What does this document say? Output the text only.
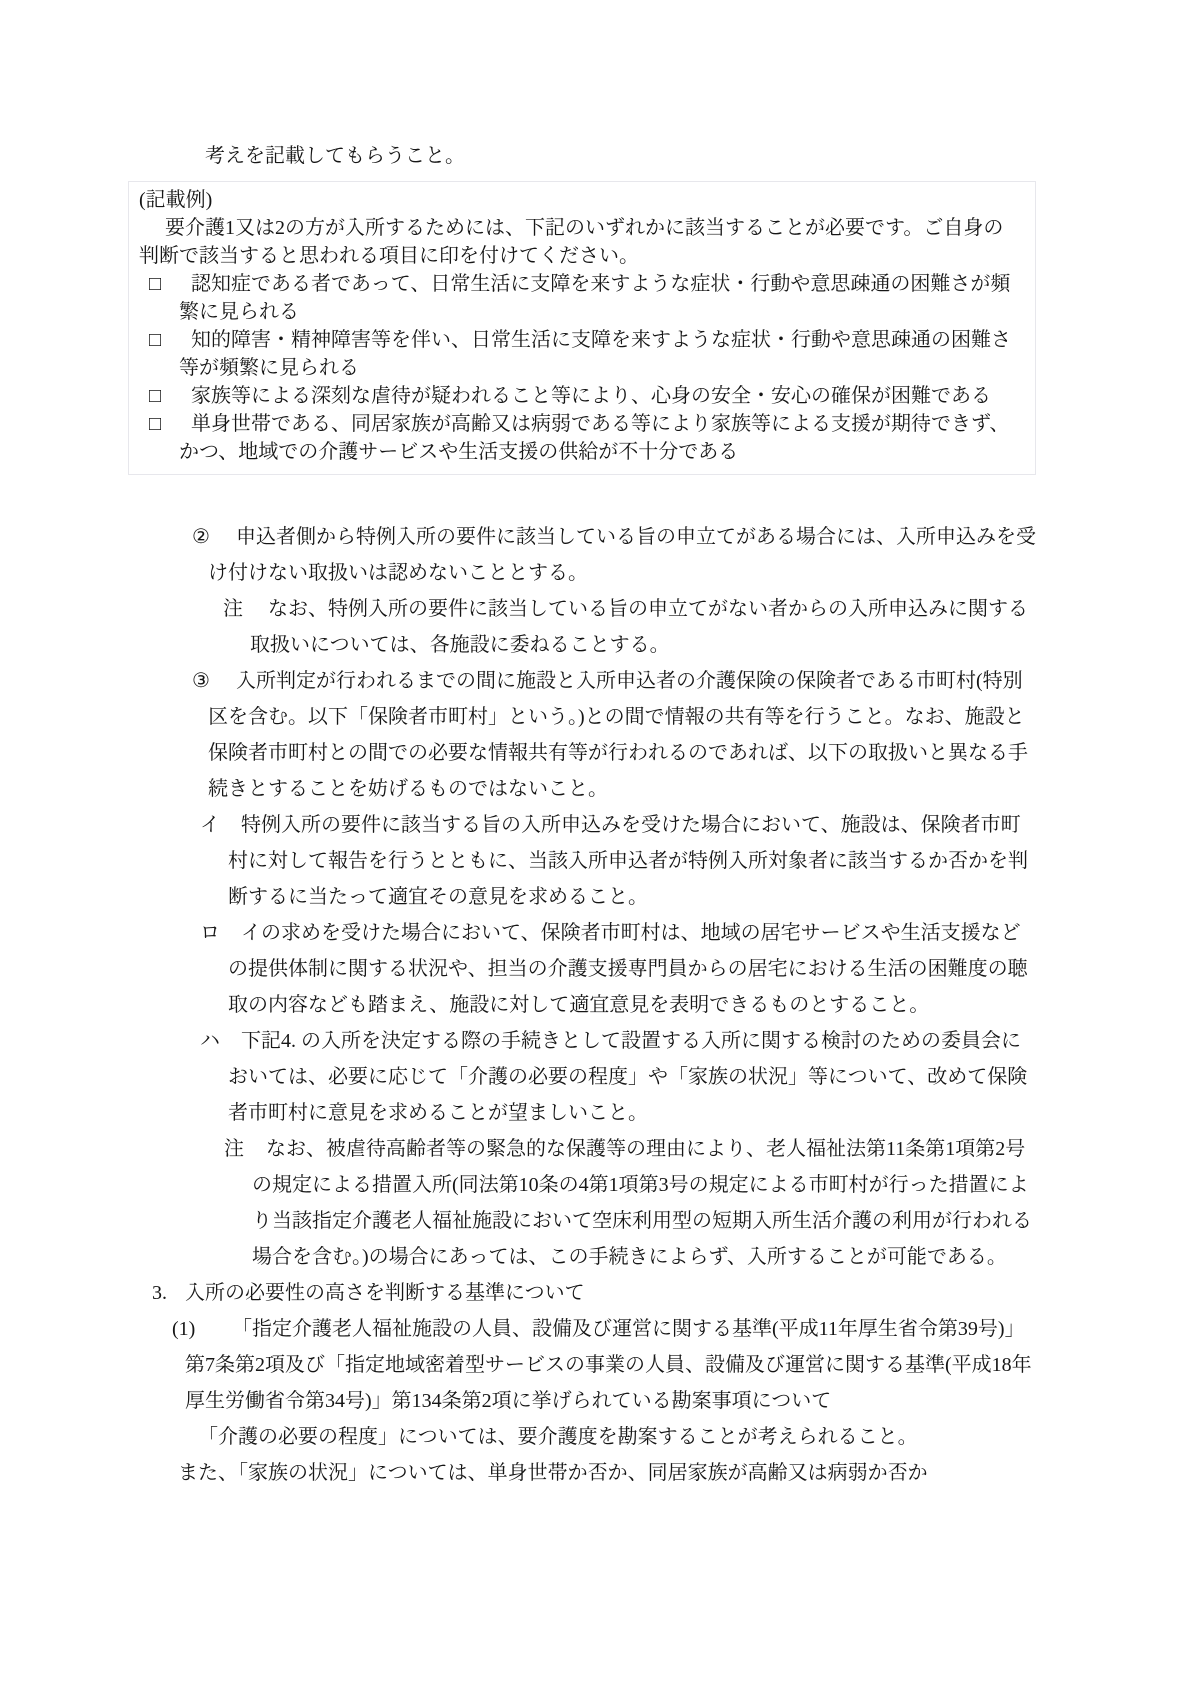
考えを記載してもらうこと。

(記載例)

要介護1又は2の方が入所するためには、下記のいずれかに該当することが必要です。ご自身の判断で該当すると思われる項目に印を付けてください。

□ 認知症である者であって、日常生活に支障を来すような症状・行動や意思疎通の困難さが頻繁に見られる
□ 知的障害・精神障害等を伴い、日常生活に支障を来すような症状・行動や意思疎通の困難さ等が頻繁に見られる
□ 家族等による深刻な虐待が疑われること等により、心身の安全・安心の確保が困難である
□ 単身世帯である、同居家族が高齢又は病弱である等により家族等による支援が期待できず、かつ、地域での介護サービスや生活支援の供給が不十分である
② 申込者側から特例入所の要件に該当している旨の申立てがある場合には、入所申込みを受け付けない取扱いは認めないこととする。
注 なお、特例入所の要件に該当している旨の申立てがない者からの入所申込みに関する取扱いについては、各施設に委ねることする。
③ 入所判定が行われるまでの間に施設と入所申込者の介護保険の保険者である市町村(特別区を含む。以下「保険者市町村」という。)との間で情報の共有等を行うこと。なお、施設と保険者市町村との間での必要な情報共有等が行われるのであれば、以下の取扱いと異なる手続きとすることを妨げるものではないこと。
イ 特例入所の要件に該当する旨の入所申込みを受けた場合において、施設は、保険者市町村に対して報告を行うとともに、当該入所申込者が特例入所対象者に該当するか否かを判断するに当たって適宜その意見を求めること。
ロ イの求めを受けた場合において、保険者市町村は、地域の居宅サービスや生活支援などの提供体制に関する状況や、担当の介護支援専門員からの居宅における生活の困難度の聴取の内容なども踏まえ、施設に対して適宜意見を表明できるものとすること。
ハ 下記4. の入所を決定する際の手続きとして設置する入所に関する検討のための委員会においては、必要に応じて「介護の必要の程度」や「家族の状況」等について、改めて保険者市町村に意見を求めることが望ましいこと。
注 なお、被虐待高齢者等の緊急的な保護等の理由により、老人福祉法第11条第1項第2号の規定による措置入所(同法第10条の4第1項第3号の規定による市町村が行った措置により当該指定介護老人福祉施設において空床利用型の短期入所生活介護の利用が行われる場合を含む。)の場合にあっては、この手続きによらず、入所することが可能である。
3. 入所の必要性の高さを判断する基準について
(1) 「指定介護老人福祉施設の人員、設備及び運営に関する基準(平成11年厚生省令第39号)」第7条第2項及び「指定地域密着型サービスの事業の人員、設備及び運営に関する基準(平成18年厚生労働省令第34号)」第134条第2項に挙げられている勘案事項について
「介護の必要の程度」については、要介護度を勘案することが考えられること。
また、「家族の状況」については、単身世帯か否か、同居家族が高齢又は病弱か否か
